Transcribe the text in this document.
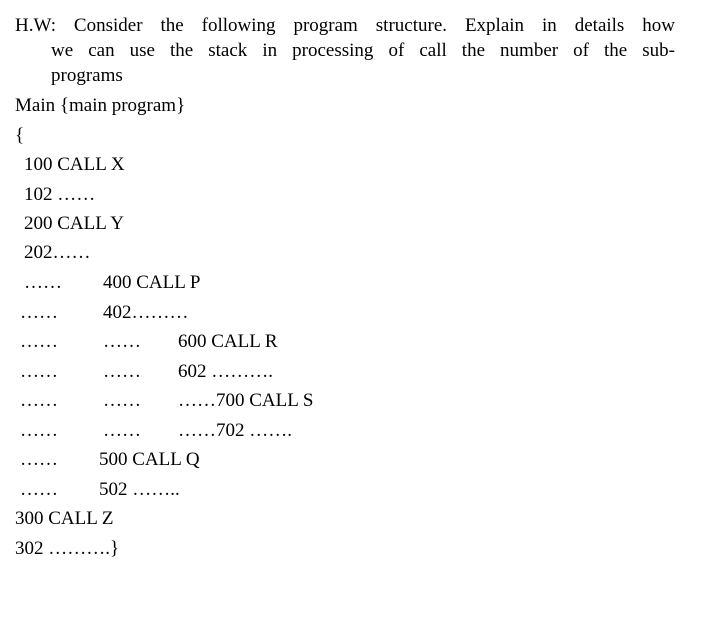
H.W: Consider the following program structure. Explain in details how
we can use the stack in processing of call the number of the sub-
programs
Main {main program}
{
100 CALL X
102 ……
200 CALL Y
202……
…… 400 CALL P
…… 402………
…… …… 600 CALL R
…… …… 602 ……….
…… …… ……700 CALL S
…… …… ……702 …….
…… 500 CALL Q
…… 502 ……..
300 CALL Z
302 ……….}
